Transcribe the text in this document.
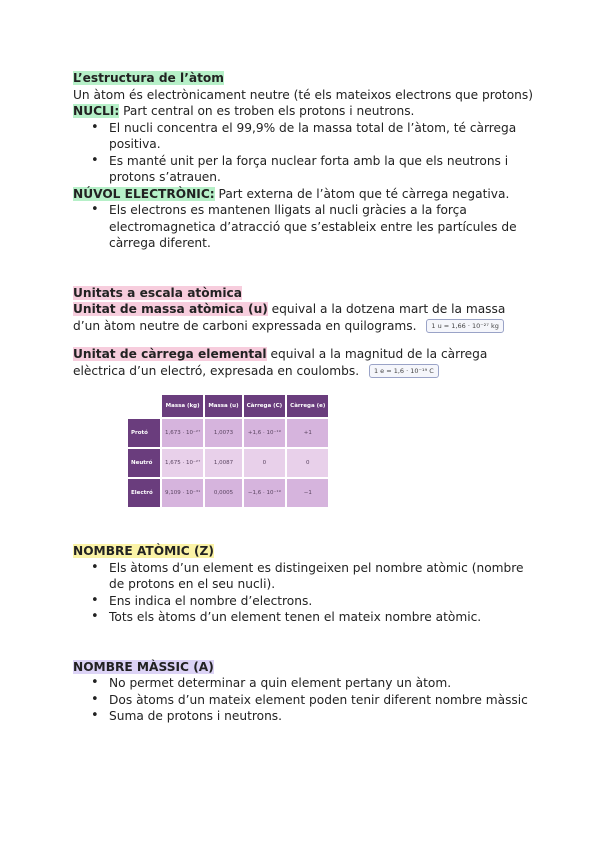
L’estructura de l’àtom

Un àtom és electrònicament neutre (té els mateixos electrons que protons)

NUCLI: Part central on es troben els protons i neutrons.

• El nucli concentra el 99,9% de la massa total de l’àtom, té càrrega positiva.
• Es manté unit per la força nuclear forta amb la que els neutrons i protons s’atrauen.

NÚVOL ELECTRÒNIC: Part externa de l’àtom que té càrrega negativa.

• Els electrons es mantenen lligats al nucli gràcies a la força electromagnetica d’atracció que s’estableix entre les partícules de càrrega diferent.

Unitats a escala atòmica

Unitat de massa atòmica (u) equival a la dotzena mart de la massa d’un àtom neutre de carboni expressada en quilograms. 1 u = 1,66 · 10⁻²⁷ kg

Unitat de càrrega elemental equival a la magnitud de la càrrega elèctrica d’un electró, expresada en coulombs. 1 e = 1,6 · 10⁻¹⁹ C

	Massa (kg)	Massa (u)	Càrrega (C)	Càrrega (e)
Protó	1,673 · 10⁻²⁷	1,0073	+1,6 · 10⁻¹⁹	+1
Neutró	1,675 · 10⁻²⁷	1,0087	0	0
Electró	9,109 · 10⁻³¹	0,0005	−1,6 · 10⁻¹⁹	−1

NOMBRE ATÒMIC (Z)

• Els àtoms d’un element es distingeixen pel nombre atòmic (nombre de protons en el seu nucli).
• Ens indica el nombre d’electrons.
• Tots els àtoms d’un element tenen el mateix nombre atòmic.

NOMBRE MÀSSIC (A)

• No permet determinar a quin element pertany un àtom.
• Dos àtoms d’un mateix element poden tenir diferent nombre màssic
• Suma de protons i neutrons.
